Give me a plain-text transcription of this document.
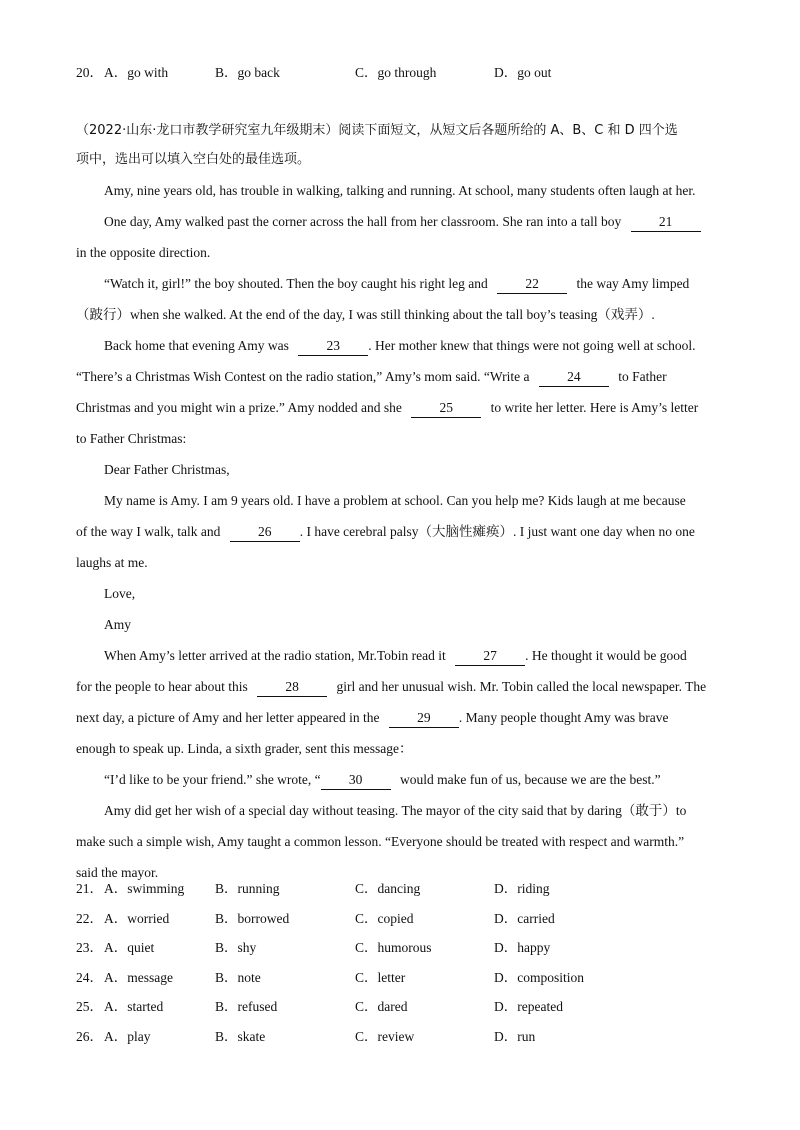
20． A．go with	B．go back	C．go through	D．go out
（2022·山东·龙口市教学研究室九年级期末）阅读下面短文，从短文后各题所给的 A、B、C 和 D 四个选
项中，选出可以填入空白处的最佳选项。
Amy, nine years old, has trouble in walking, talking and running. At school, many students often laugh at her.
One day, Amy walked past the corner across the hall from her classroom. She ran into a tall boy	21
in the opposite direction.
“Watch it, girl!” the boy shouted. Then the boy caught his right leg and	22	the way Amy limped
（跛行）when she walked. At the end of the day, I was still thinking about the tall boy’s teasing（戏弄）.
Back home that evening Amy was	23 . Her mother knew that things were not going well at school.
“There’s a Christmas Wish Contest on the radio station,” Amy’s mom said. “Write a	24	to Father
Christmas and you might win a prize.” Amy nodded and she	25	to write her letter. Here is Amy’s letter
to Father Christmas:
Dear Father Christmas,
My name is Amy. I am 9 years old. I have a problem at school. Can you help me? Kids laugh at me because
of the way I walk, talk and	26 . I have cerebral palsy（大脑性瘫痪）. I just want one day when no one
laughs at me.
Love,
Amy
When Amy’s letter arrived at the radio station, Mr.Tobin read it	27 . He thought it would be good
for the people to hear about this	28	girl and her unusual wish. Mr. Tobin called the local newspaper. The
next day, a picture of Amy and her letter appeared in the	29 . Many people thought Amy was brave
enough to speak up. Linda, a sixth grader, sent this message：
“I’d like to be your friend.” she wrote, “ 30	would make fun of us, because we are the best.”
Amy did get her wish of a special day without teasing. The mayor of the city said that by daring（敢于）to
make such a simple wish, Amy taught a common lesson. “Everyone should be treated with respect and warmth.”
said the mayor.
21． A．swimming B．running	C．dancing	D．riding
22． A．worried	B．borrowed	C．copied	D．carried
23． A．quiet	B．shy	C．humorous	D．happy
24． A．message	B．note	C．letter	D．composition
25． A．started	B．refused	C．dared	D．repeated
26． A．play	B．skate	C．review	D．run
